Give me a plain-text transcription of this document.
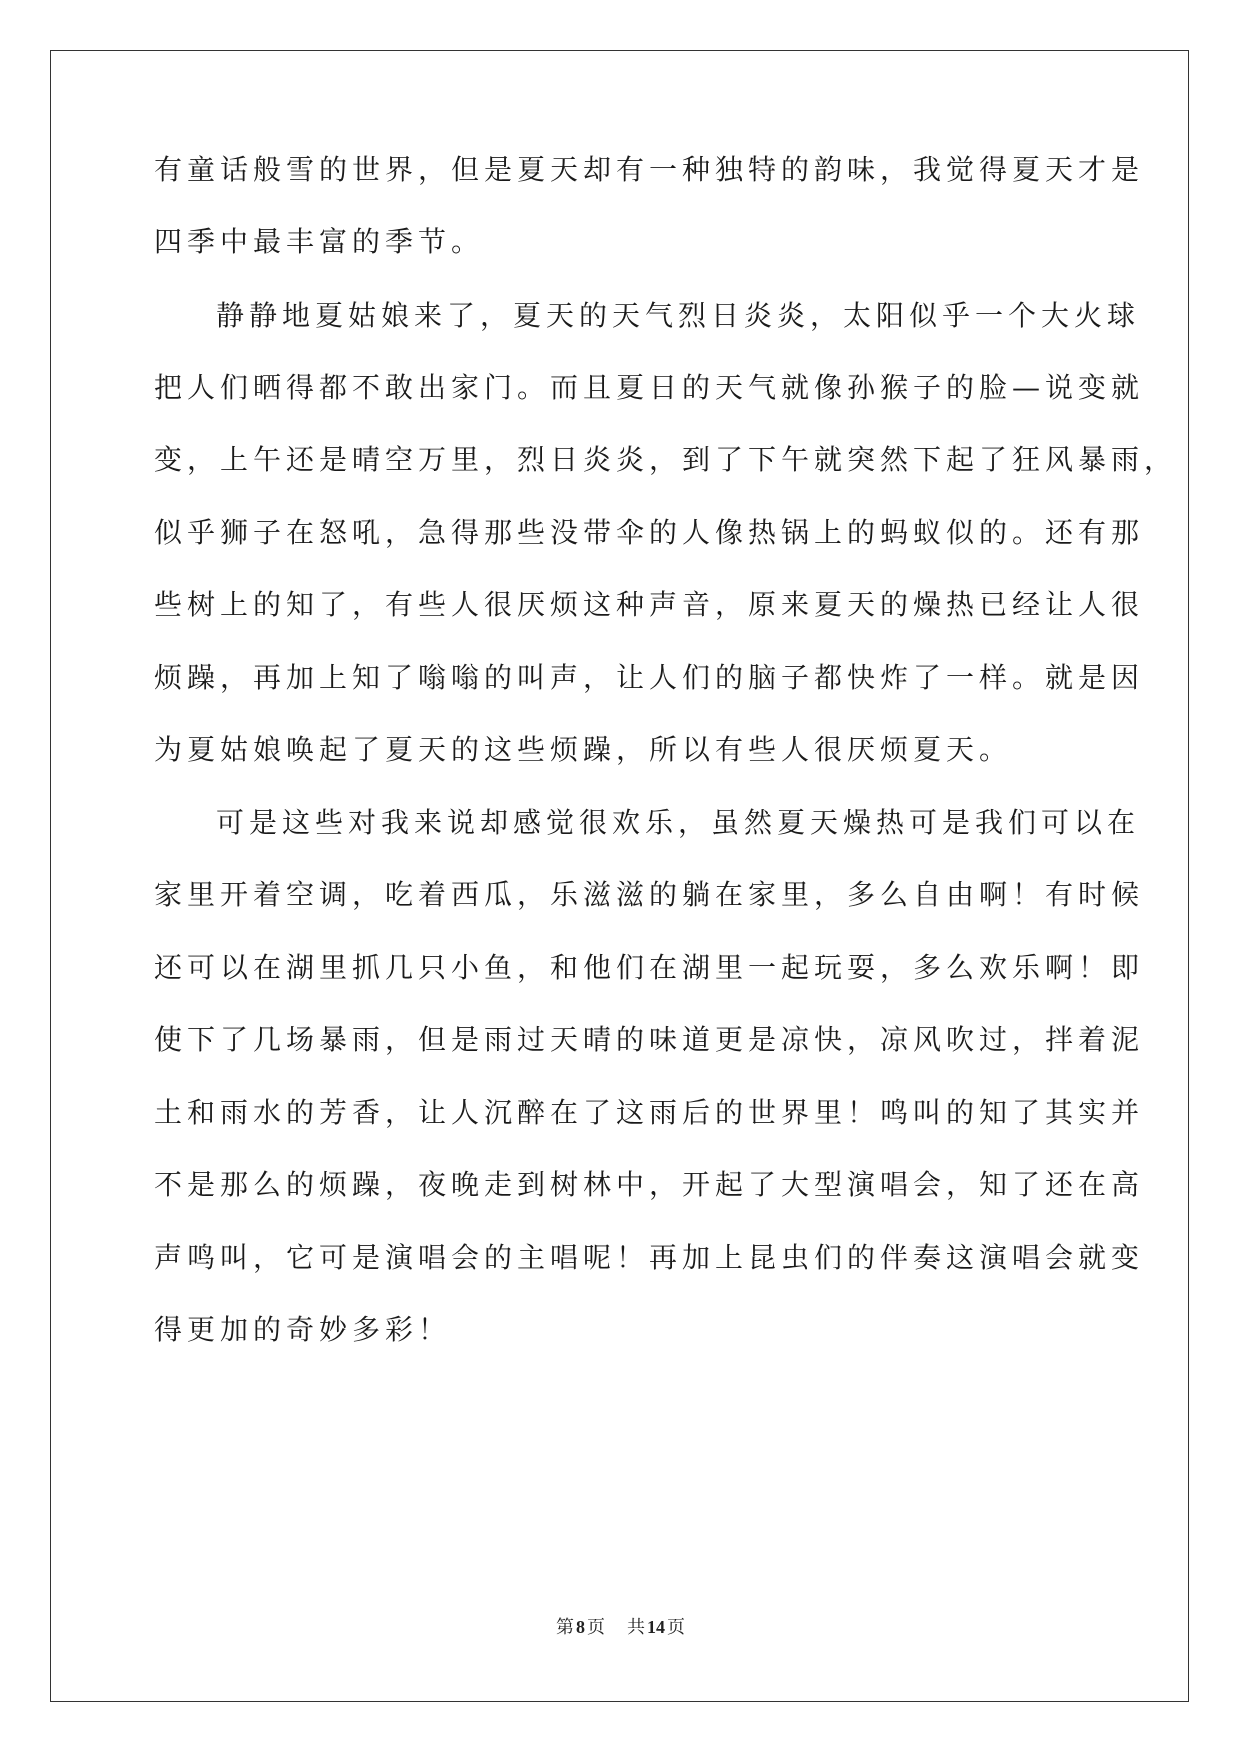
有童话般雪的世界，但是夏天却有一种独特的韵味，我觉得夏天才是
四季中最丰富的季节。
静静地夏姑娘来了，夏天的天气烈日炎炎，太阳似乎一个大火球
把人们晒得都不敢出家门。而且夏日的天气就像孙猴子的脸—说变就
变，上午还是晴空万里，烈日炎炎，到了下午就突然下起了狂风暴雨，
似乎狮子在怒吼，急得那些没带伞的人像热锅上的蚂蚁似的。还有那
些树上的知了，有些人很厌烦这种声音，原来夏天的燥热已经让人很
烦躁，再加上知了嗡嗡的叫声，让人们的脑子都快炸了一样。就是因
为夏姑娘唤起了夏天的这些烦躁，所以有些人很厌烦夏天。
可是这些对我来说却感觉很欢乐，虽然夏天燥热可是我们可以在
家里开着空调，吃着西瓜，乐滋滋的躺在家里，多么自由啊！有时候
还可以在湖里抓几只小鱼，和他们在湖里一起玩耍，多么欢乐啊！即
使下了几场暴雨，但是雨过天晴的味道更是凉快，凉风吹过，拌着泥
土和雨水的芳香，让人沉醉在了这雨后的世界里！鸣叫的知了其实并
不是那么的烦躁，夜晚走到树林中，开起了大型演唱会，知了还在高
声鸣叫，它可是演唱会的主唱呢！再加上昆虫们的伴奏这演唱会就变
得更加的奇妙多彩！
第 8 页 共 14 页
